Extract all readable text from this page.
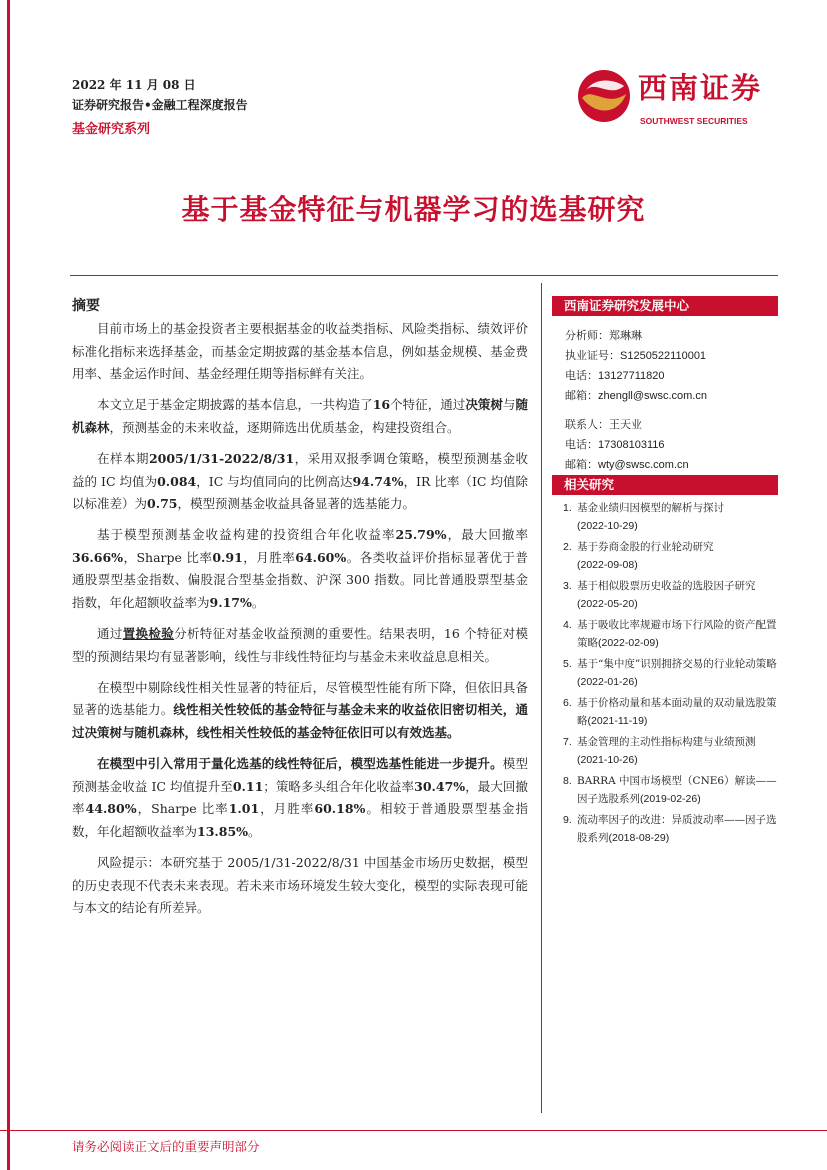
2022 年 11 月 08 日
证券研究报告•金融工程深度报告
基金研究系列
西南证券
SOUTHWEST SECURITIES
基于基金特征与机器学习的选基研究
摘要

目前市场上的基金投资者主要根据基金的收益类指标、风险类指标、绩效评价标准化指标来选择基金，而基金定期披露的基金基本信息，例如基金规模、基金费用率、基金运作时间、基金经理任期等指标鲜有关注。

本文立足于基金定期披露的基本信息，一共构造了16个特征，通过决策树与随机森林，预测基金的未来收益，逐期筛选出优质基金，构建投资组合。

在样本期2005/1/31-2022/8/31，采用双报季调仓策略，模型预测基金收益的 IC 均值为0.084，IC 与均值同向的比例高达94.74%，IR 比率（IC 均值除以标准差）为0.75，模型预测基金收益具备显著的选基能力。

基于模型预测基金收益构建的投资组合年化收益率25.79%，最大回撤率36.66%，Sharpe 比率0.91，月胜率64.60%。各类收益评价指标显著优于普通股票型基金指数、偏股混合型基金指数、沪深 300 指数。同比普通股票型基金指数，年化超额收益率为9.17%。

通过置换检验分析特征对基金收益预测的重要性。结果表明，16 个特征对模型的预测结果均有显著影响，线性与非线性特征均与基金未来收益息息相关。

在模型中剔除线性相关性显著的特征后，尽管模型性能有所下降，但依旧具备显著的选基能力。线性相关性较低的基金特征与基金未来的收益依旧密切相关，通过决策树与随机森林，线性相关性较低的基金特征依旧可以有效选基。

在模型中引入常用于量化选基的线性特征后，模型选基性能进一步提升。模型预测基金收益 IC 均值提升至0.11；策略多头组合年化收益率30.47%，最大回撤率44.80%，Sharpe 比率1.01，月胜率60.18%。相较于普通股票型基金指数，年化超额收益率为13.85%。

风险提示：本研究基于 2005/1/31-2022/8/31 中国基金市场历史数据，模型的历史表现不代表未来表现。若未来市场环境发生较大变化，模型的实际表现可能与本文的结论有所差异。

西南证券研究发展中心
分析师：郑琳琳
执业证号：S1250522110001
电话：13127711820
邮箱：zhengll@swsc.com.cn
联系人：王天业
电话：17308103116
邮箱：wty@swsc.com.cn
相关研究
1. 基金业绩归因模型的解析与探讨
(2022-10-29)
2. 基于券商金股的行业轮动研究
(2022-09-08)
3. 基于相似股票历史收益的选股因子研究
(2022-05-20)
4. 基于吸收比率规避市场下行风险的资产配置策略(2022-02-09)
5. 基于“集中度”识别拥挤交易的行业轮动策略(2022-01-26)
6. 基于价格动量和基本面动量的双动量选股策略(2021-11-19)
7. 基金管理的主动性指标构建与业绩预测
(2021-10-26)
8. BARRA 中国市场模型（CNE6）解读——因子选股系列(2019-02-26)
9. 流动率因子的改进：异质波动率——因子选股系列(2018-08-29)
请务必阅读正文后的重要声明部分
